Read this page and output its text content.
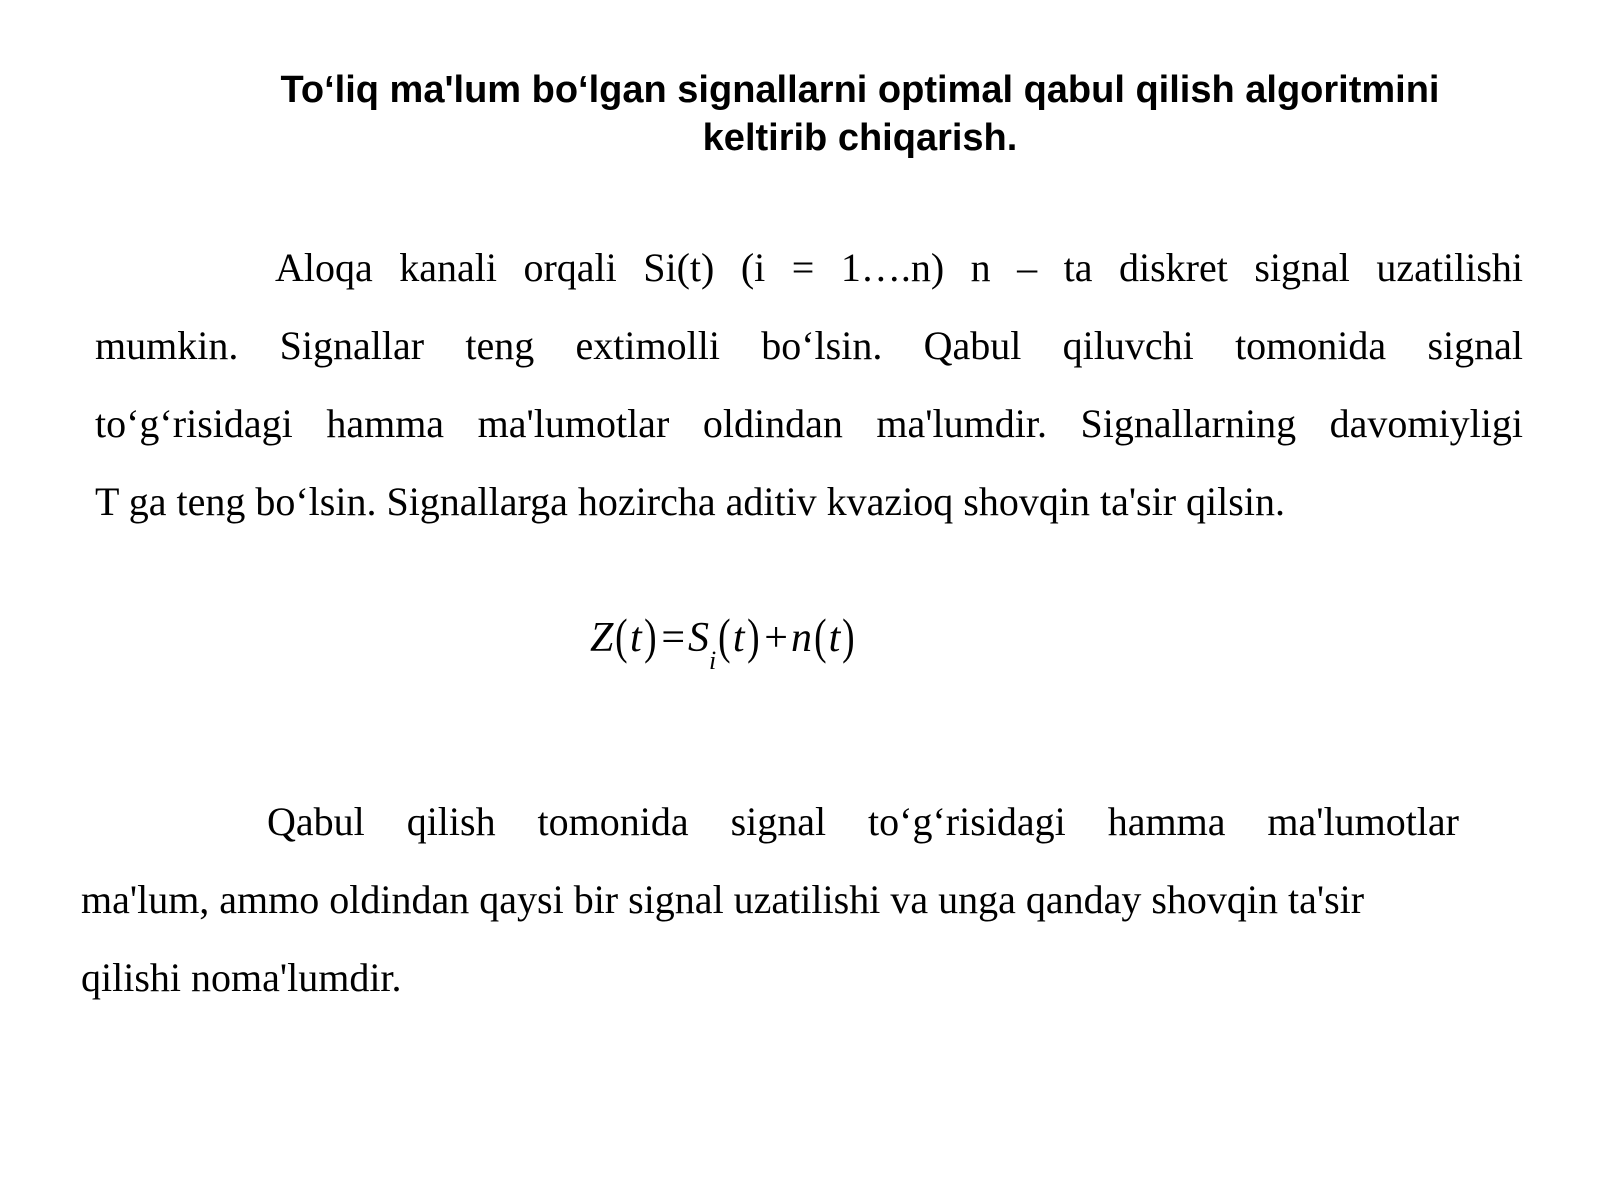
To‘liq ma'lum bo‘lgan signallarni optimal qabul qilish algoritmini
keltirib chiqarish.
Aloqa kanali orqali Si(t) (i = 1….n) n – ta diskret signal uzatilishi
mumkin. Signallar teng extimolli bo‘lsin. Qabul qiluvchi tomonida signal
to‘g‘risidagi hamma ma'lumotlar oldindan ma'lumdir. Signallarning davomiyligi
T ga teng bo‘lsin. Signallarga hozircha aditiv kvazioq shovqin ta'sir qilsin.
$Z(t) =S_i(t) +n(t)$
Qabul qilish tomonida signal to‘g‘risidagi hamma ma'lumotlar
ma'lum, ammo oldindan qaysi bir signal uzatilishi va unga qanday shovqin ta'sir
qilishi noma'lumdir.
